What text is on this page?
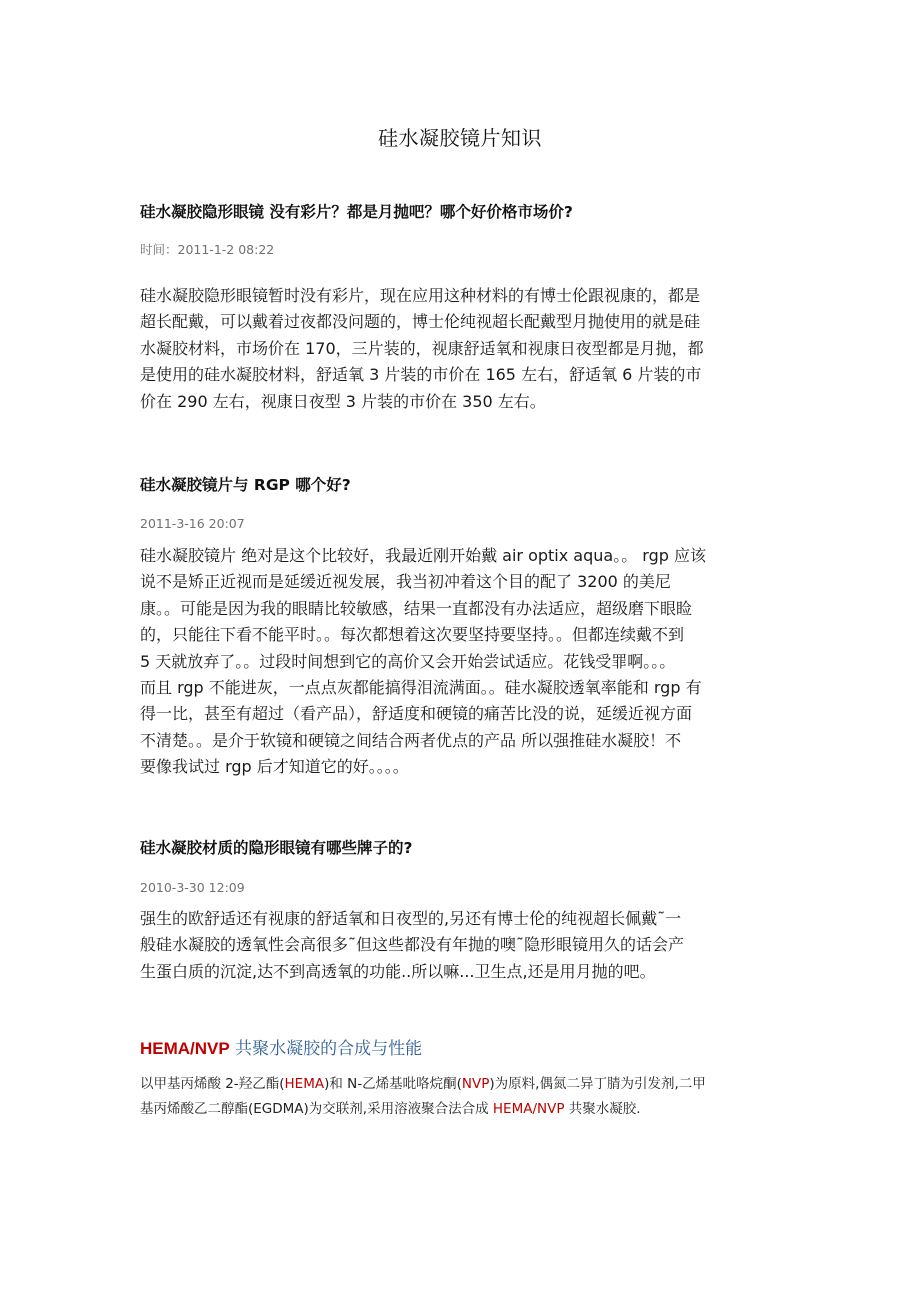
硅水凝胶镜片知识
硅水凝胶隐形眼镜 没有彩片？都是月抛吧？哪个好价格市场价?
时间：2011-1-2 08:22
硅水凝胶隐形眼镜暂时没有彩片，现在应用这种材料的有博士伦跟视康的，都是
超长配戴，可以戴着过夜都没问题的，博士伦纯视超长配戴型月抛使用的就是硅
水凝胶材料，市场价在 170，三片装的，视康舒适氧和视康日夜型都是月抛，都
是使用的硅水凝胶材料，舒适氧 3 片装的市价在 165 左右，舒适氧 6 片装的市
价在 290 左右，视康日夜型 3 片装的市价在 350 左右。
硅水凝胶镜片与 RGP 哪个好?
2011-3-16 20:07
硅水凝胶镜片 绝对是这个比较好，我最近刚开始戴 air optix aqua。。 rgp 应该
说不是矫正近视而是延缓近视发展，我当初冲着这个目的配了 3200 的美尼
康。。可能是因为我的眼睛比较敏感，结果一直都没有办法适应，超级磨下眼睑
的，只能往下看不能平时。。每次都想着这次要坚持要坚持。。但都连续戴不到
5 天就放弃了。。过段时间想到它的高价又会开始尝试适应。花钱受罪啊。。。
而且 rgp 不能进灰，一点点灰都能搞得泪流满面。。硅水凝胶透氧率能和 rgp 有
得一比，甚至有超过（看产品），舒适度和硬镜的痛苦比没的说，延缓近视方面
不清楚。。是介于软镜和硬镜之间结合两者优点的产品 所以强推硅水凝胶！不
要像我试过 rgp 后才知道它的好。。。。
硅水凝胶材质的隐形眼镜有哪些牌子的?
2010-3-30 12:09
强生的欧舒适还有视康的舒适氧和日夜型的,另还有博士伦的纯视超长佩戴˜一
般硅水凝胶的透氧性会高很多˜但这些都没有年抛的噢˜隐形眼镜用久的话会产
生蛋白质的沉淀,达不到高透氧的功能..所以嘛...卫生点,还是用月抛的吧。
HEMA/NVP 共聚水凝胶的合成与性能
以甲基丙烯酸 2-羟乙酯(HEMA)和 N-乙烯基吡咯烷酮(NVP)为原料,偶氮二异丁腈为引发剂,二甲
基丙烯酸乙二醇酯(EGDMA)为交联剂,采用溶液聚合法合成 HEMA/NVP 共聚水凝胶.
